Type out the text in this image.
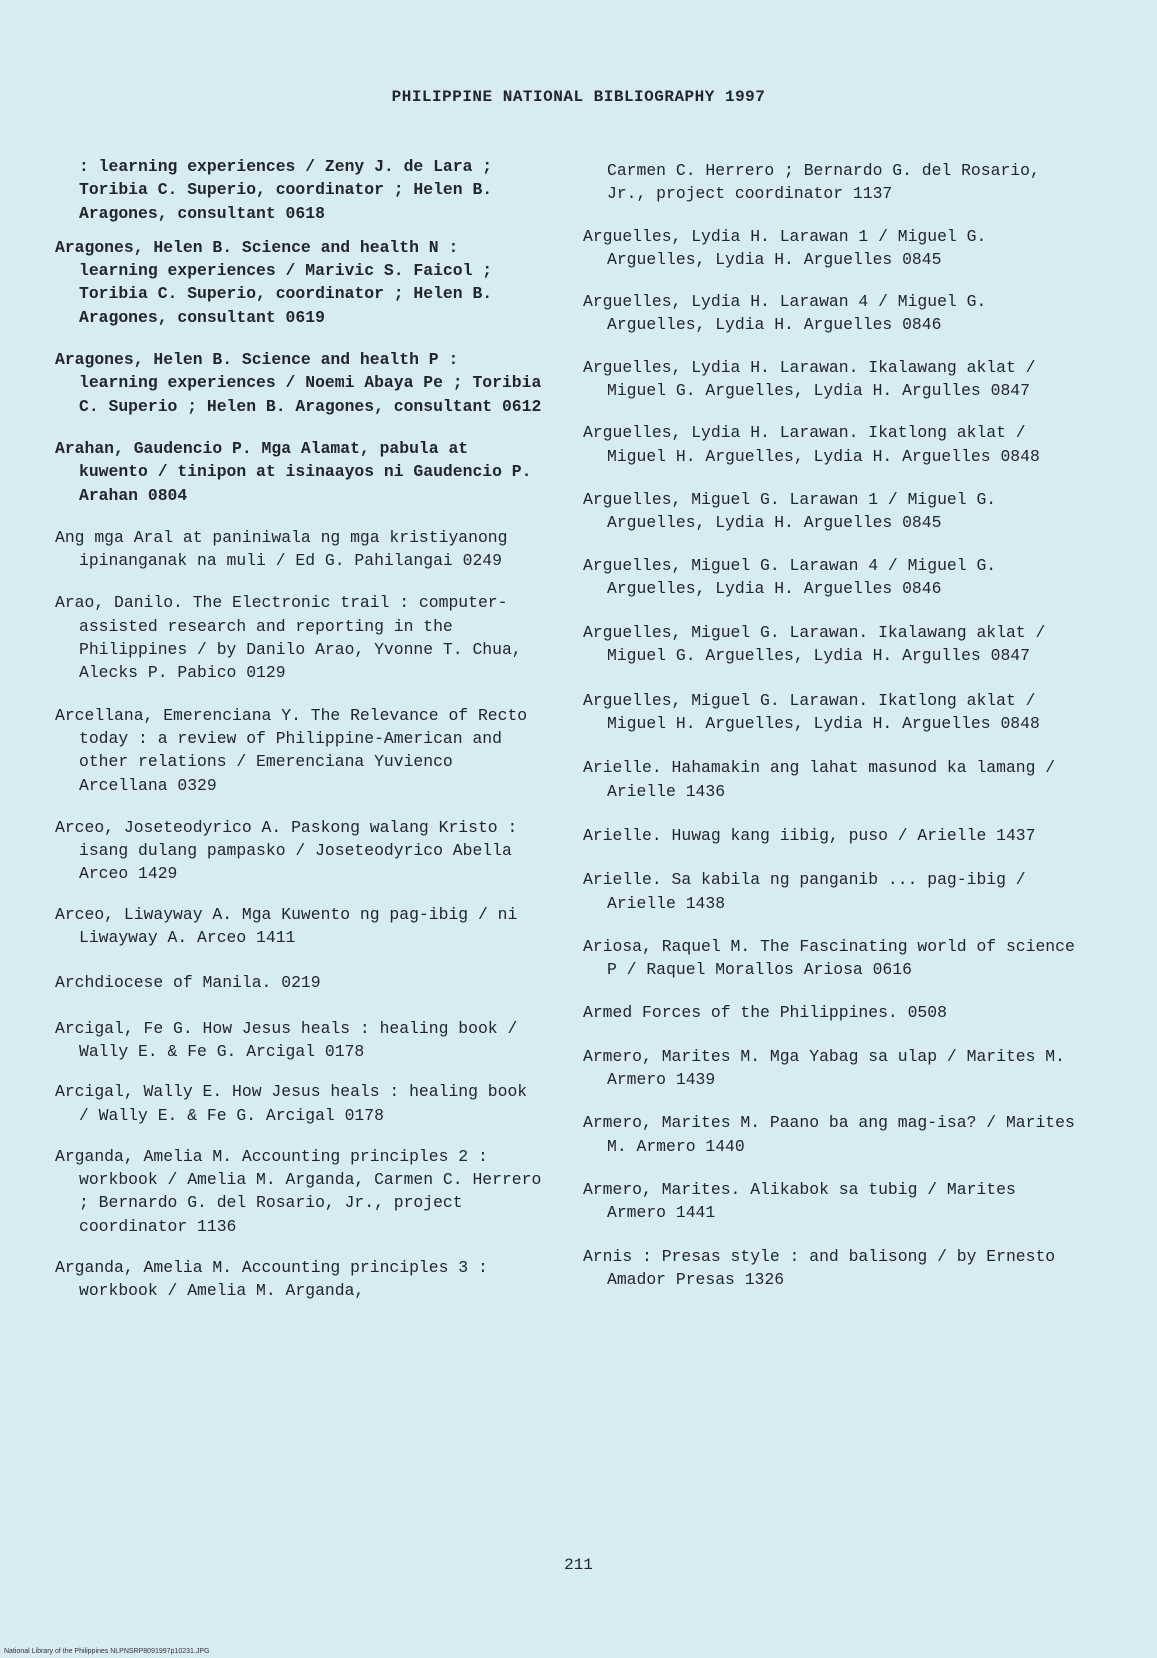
PHILIPPINE NATIONAL BIBLIOGRAPHY 1997

: learning experiences / Zeny J. de Lara ; Toribia C. Superio, coordinator ; Helen B. Aragones, consultant 0618

Aragones, Helen B. Science and health N : learning experiences / Marivic S. Faicol ; Toribia C. Superio, coordinator ; Helen B. Aragones, consultant 0619

Aragones, Helen B. Science and health P : learning experiences / Noemi Abaya Pe ; Toribia C. Superio ; Helen B. Aragones, consultant 0612

Arahan, Gaudencio P. Mga Alamat, pabula at kuwento / tinipon at isinaayos ni Gaudencio P. Arahan 0804

Ang mga Aral at paniniwala ng mga kristiyanong ipinanganak na muli / Ed G. Pahilangai 0249

Arao, Danilo. The Electronic trail : computer-assisted research and reporting in the Philippines / by Danilo Arao, Yvonne T. Chua, Alecks P. Pabico 0129

Arcellana, Emerenciana Y. The Relevance of Recto today : a review of Philippine-American and other relations / Emerenciana Yuvienco Arcellana 0329

Arceo, Joseteodyrico A. Paskong walang Kristo : isang dulang pampasko / Joseteodyrico Abella Arceo 1429

Arceo, Liwayway A. Mga Kuwento ng pag-ibig / ni Liwayway A. Arceo 1411

Archdiocese of Manila. 0219

Arcigal, Fe G. How Jesus heals : healing book / Wally E. & Fe G. Arcigal 0178

Arcigal, Wally E. How Jesus heals : healing book / Wally E. & Fe G. Arcigal 0178

Arganda, Amelia M. Accounting principles 2 : workbook / Amelia M. Arganda, Carmen C. Herrero ; Bernardo G. del Rosario, Jr., project coordinator 1136

Arganda, Amelia M. Accounting principles 3 : workbook / Amelia M. Arganda,

Carmen C. Herrero ; Bernardo G. del Rosario, Jr., project coordinator 1137

Arguelles, Lydia H. Larawan 1 / Miguel G. Arguelles, Lydia H. Arguelles 0845

Arguelles, Lydia H. Larawan 4 / Miguel G. Arguelles, Lydia H. Arguelles 0846

Arguelles, Lydia H. Larawan. Ikalawang aklat / Miguel G. Arguelles, Lydia H. Argulles 0847

Arguelles, Lydia H. Larawan. Ikatlong aklat / Miguel H. Arguelles, Lydia H. Arguelles 0848

Arguelles, Miguel G. Larawan 1 / Miguel G. Arguelles, Lydia H. Arguelles 0845

Arguelles, Miguel G. Larawan 4 / Miguel G. Arguelles, Lydia H. Arguelles 0846

Arguelles, Miguel G. Larawan. Ikalawang aklat / Miguel G. Arguelles, Lydia H. Argulles 0847

Arguelles, Miguel G. Larawan. Ikatlong aklat / Miguel H. Arguelles, Lydia H. Arguelles 0848

Arielle. Hahamakin ang lahat masunod ka lamang / Arielle 1436

Arielle. Huwag kang iibig, puso / Arielle 1437

Arielle. Sa kabila ng panganib ... pag-ibig / Arielle 1438

Ariosa, Raquel M. The Fascinating world of science P / Raquel Morallos Ariosa 0616

Armed Forces of the Philippines. 0508

Armero, Marites M. Mga Yabag sa ulap / Marites M. Armero 1439

Armero, Marites M. Paano ba ang mag-isa? / Marites M. Armero 1440

Armero, Marites. Alikabok sa tubig / Marites Armero 1441

Arnis : Presas style : and balisong / by Ernesto Amador Presas 1326

211
National Library of the Philippines NLPNSRP8091997p10231.JPG
